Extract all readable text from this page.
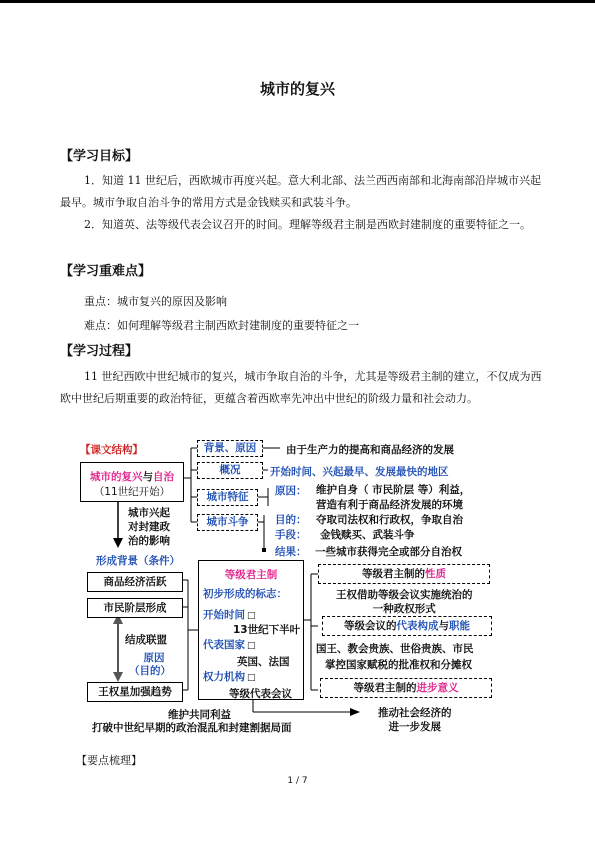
城市的复兴
【学习目标】
1．知道 11 世纪后，西欧城市再度兴起。意大利北部、法兰西西南部和北海南部沿岸城市兴起最早。城市争取自治斗争的常用方式是金钱赎买和武装斗争。
2．知道英、法等级代表会议召开的时间。理解等级君主制是西欧封建制度的重要特征之一。
【学习重难点】
重点：城市复兴的原因及影响
难点：如何理解等级君主制西欧封建制度的重要特征之一
【学习过程】
11 世纪西欧中世纪城市的复兴，城市争取自治的斗争，尤其是等级君主制的建立，不仅成为西欧中世纪后期重要的政治特征，更蕴含着西欧率先冲出中世纪的阶级力量和社会动力。
【课文结构】
城市的复兴与自治
（11世纪开始）
城市兴起
对封建政
治的影响
形成背景（条件）
商品经济活跃
市民阶层形成
结成联盟
原因
（目的）
王权星加强趋势
背景、原因
概况
城市特征
城市斗争
由于生产力的提高和商品经济的发展
开始时间、兴起最早、发展最快的地区
原因： 维护自身（ 市民阶层 等）利益，
营造有利于商品经济发展的环境
目的： 夺取司法权和行政权，争取自治
手段： 金钱赎买、武装斗争
结果： 一些城市获得完全或部分自治权
等级君主制
初步形成的标志：
开始时间 □
13世纪下半叶
代表国家 □
英国、法国
权力机构 □
等级代表会议
等级君主制的性质
王权借助等级会议实施统治的
一种政权形式
等级会议的代表构成与职能
国王、教会贵族、世俗贵族、市民
掌控国家赋税的批准权和分摊权
等级君主制的进步意义
维护共同利益
打破中世纪早期的政治混乱和封建割据局面
推动社会经济的
进一步发展
【要点梳理】
1 / 7
